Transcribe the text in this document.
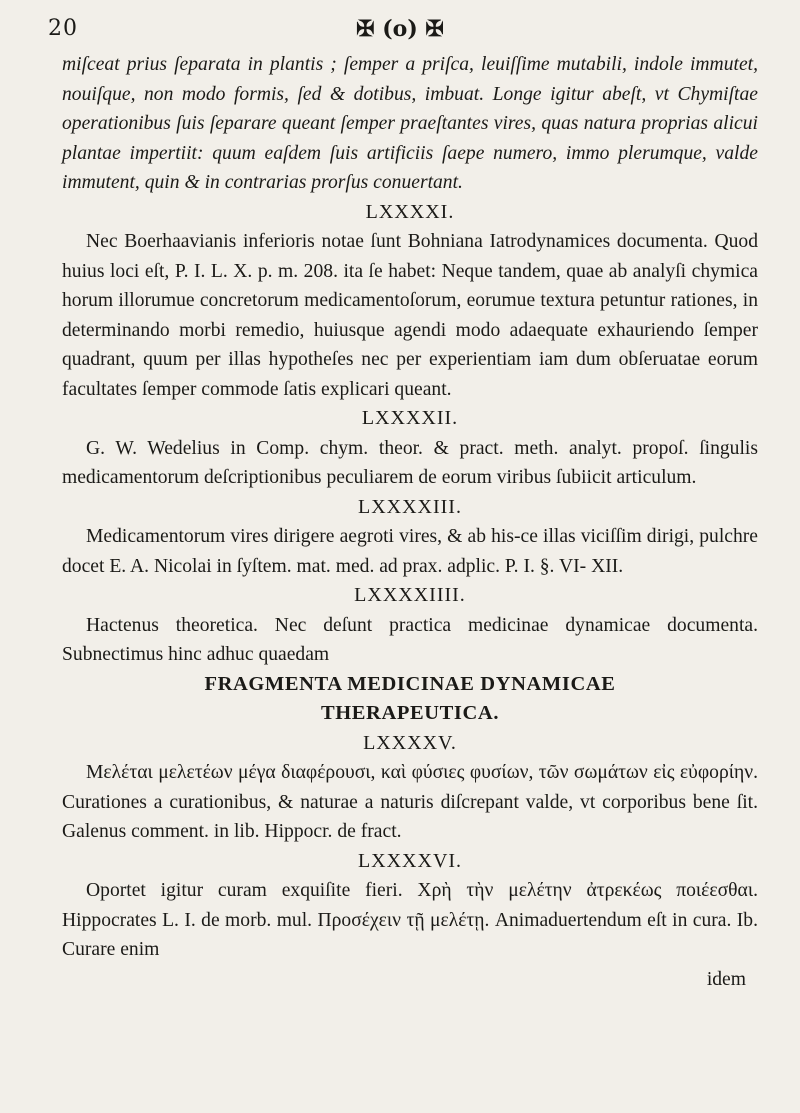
20	✠ (o) ✠

miſceat prius ſeparata in plantis ; ſemper a priſca, leuiſſime mutabili, indole immutet, nouiſque, non modo formis, ſed & dotibus, imbuat. Longe igitur abeſt, vt Chymiſtae operationibus ſuis ſeparare queant ſemper praeſtantes vires, quas natura proprias alicui plantae impertiit: quum eaſdem ſuis artificiis ſaepe numero, immo plerumque, valde immutent, quin & in contrarias prorſus conuertant.

LXXXXI.

Nec Boerhaavianis inferioris notae ſunt Bohniana Iatrodynamices documenta. Quod huius loci eſt, P. I. L. X. p. m. 208. ita ſe habet: Neque tandem, quae ab analyſi chymica horum illorumue concretorum medicamentoſorum, eorumue textura petuntur rationes, in determinando morbi remedio, huiusque agendi modo adaequate exhauriendo ſemper quadrant, quum per illas hypotheſes nec per experientiam iam dum obſeruatae eorum facultates ſemper commode ſatis explicari queant.

LXXXXII.

G. W. Wedelius in Comp. chym. theor. & pract. meth. analyt. propoſ. ſingulis medicamentorum deſcriptionibus peculiarem de eorum viribus ſubiicit articulum.

LXXXXIII.

Medicamentorum vires dirigere aegroti vires, & ab his-ce illas viciſſim dirigi, pulchre docet E. A. Nicolai in ſyſtem. mat. med. ad prax. adplic. P. I. §. VI- XII.

LXXXXIIII.

Hactenus theoretica. Nec deſunt practica medicinae dynamicae documenta. Subnectimus hinc adhuc quaedam

FRAGMENTA MEDICINAE DYNAMICAE
THERAPEUTICA.
LXXXXV.

Μελέται μελετέων μέγα διαφέρουσι, καὶ φύσιες φυσίων, τῶν σωμάτων εἰς εὐφορίην. Curationes a curationibus, & naturae a naturis diſcrepant valde, vt corporibus bene ſit. Galenus comment. in lib. Hippocr. de fract.

LXXXXVI.

Oportet igitur curam exquiſite fieri. Χρὴ τὴν μελέτην ἀτρεκέως ποιέεσθαι. Hippocrates L. I. de morb. mul. Προσέχειν τῇ μελέτῃ. Animaduertendum eſt in cura. Ib. Curare enim

idem
